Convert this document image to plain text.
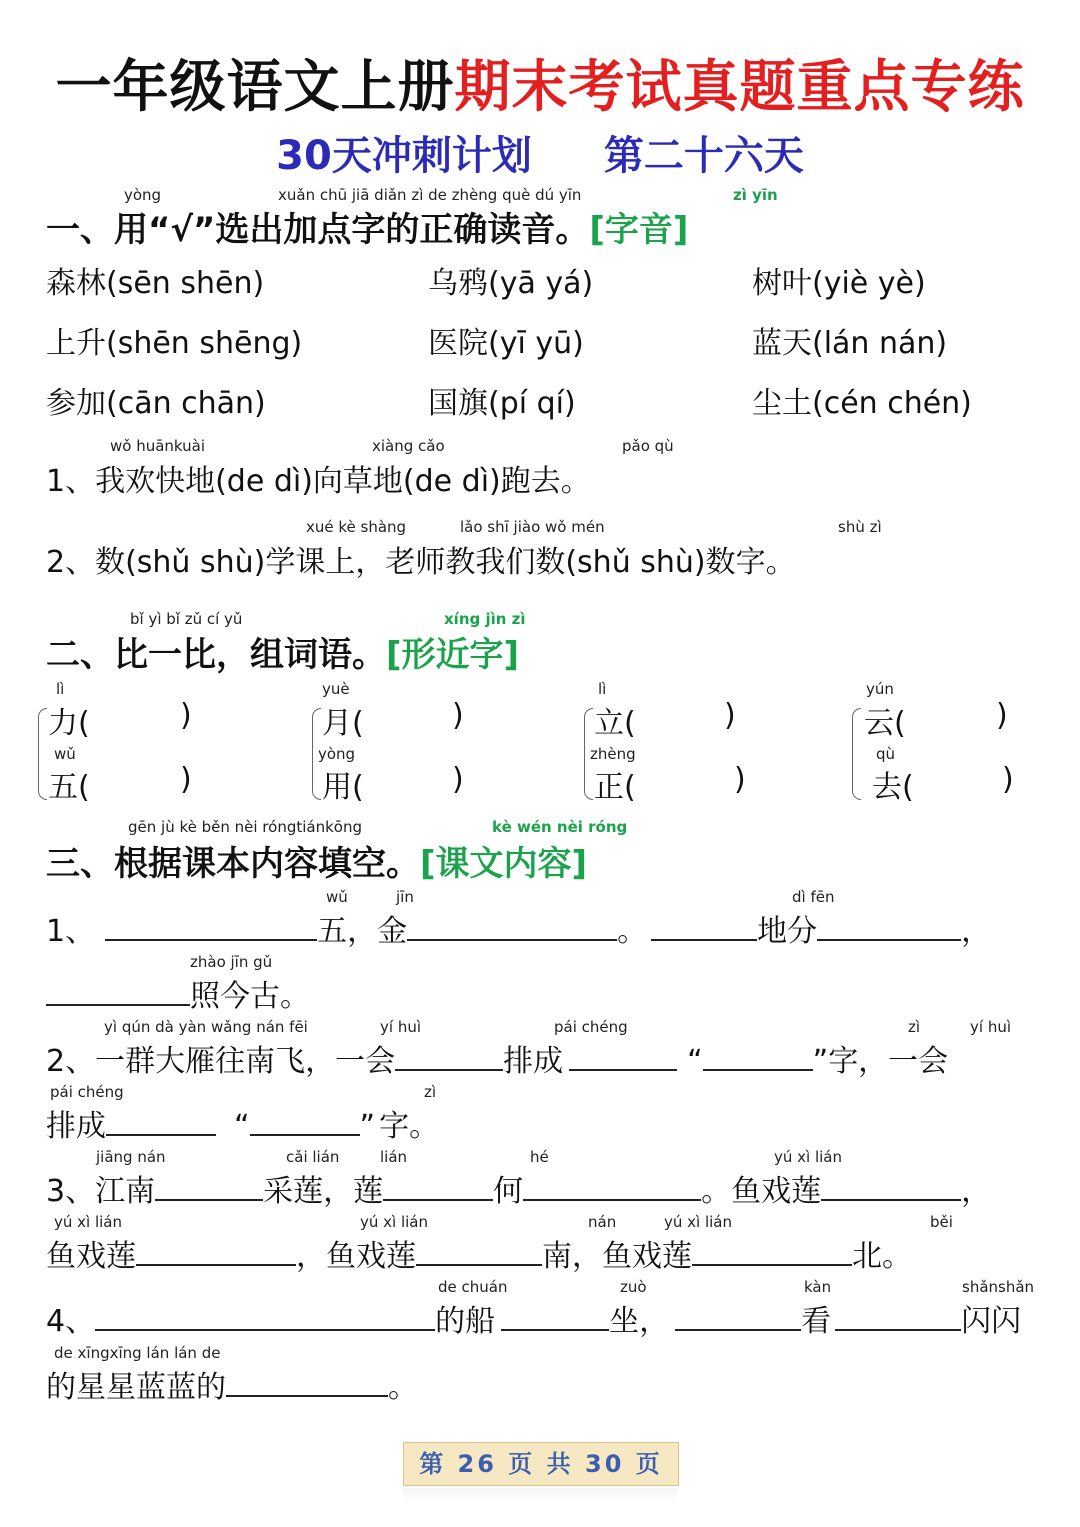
一年级语文上册期末考试真题重点专练
30天冲刺计划 第二十六天
yòng	xuǎn chū jiā diǎn zì de zhèng què dú yīn	zì yīn
一、用“√”选出加点字的正确读音。[字音]
森林(sēn shēn)	乌鸦(yā yá)	树叶(yiè yè)
上升(shēn shēng)	医院(yī yū)	蓝天(lán nán)
参加(cān chān)	国旗(pí qí)	尘土(cén chén)
wǒ huānkuài	xiàng cǎo	pǎo qù
1、我欢快地(de dì)向草地(de dì)跑去。
xué kè shàng	lǎo shī jiào wǒ mén	shù zì
2、数(shǔ shù)学课上，老师教我们数(shǔ shù)数字。
bǐ yì bǐ zǔ cí yǔ	xíng jìn zì
二、比一比，组词语。[形近字]
lì
力(	)
wǔ
五(	)
yuè
月(	)
yòng
用(	)
lì
立(	)
zhèng
正(	)
yún
云(	)
qù
去(	)
gēn jù kè běn nèi róngtiánkōng	kè wén nèi róng
三、根据课本内容填空。[课文内容]
wǔ	jīn	dì fēn
1、	五，金	。	地分	，
zhào jīn gǔ
照今古。
yì qún dà yàn wǎng nán fēi	yí huì	pái chéng	zì	yí huì
2、一群大雁往南飞，一会	排成	“	”字，一会
pái chéng	zì
排成	“	” 字。
jiāng nán	cǎi lián	lián	hé	yú xì lián
3、江南	采莲，莲	何	。鱼戏莲	，
yú xì lián	yú xì lián	nán	yú xì lián	běi
鱼戏莲	，鱼戏莲	南，鱼戏莲	北。
de chuán	zuò	kàn	shǎnshǎn
4、	的船	坐，	看	闪闪
de xīngxīng lán lán de
的星星蓝蓝的	。
第 26 页 共 30 页
